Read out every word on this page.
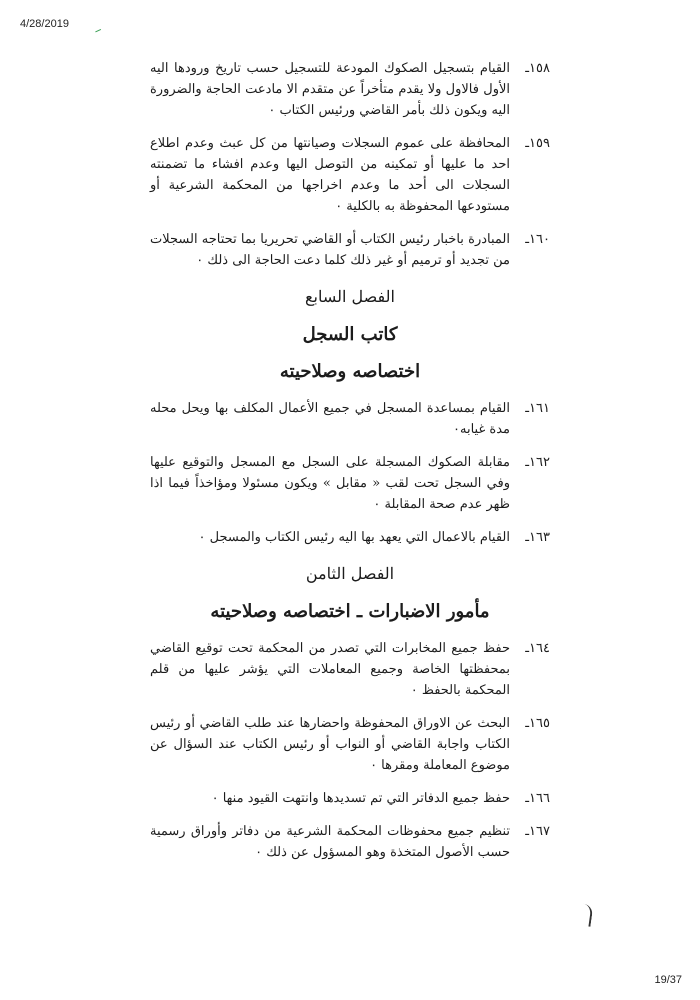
4/28/2019
١٥٨ـ
القيام بتسجيل الصكوك المودعة للتسجيل حسب تاريخ ورودها اليه الأول فالاول ولا يقدم متأخراً عن متقدم الا مادعت الحاجة والضرورة اليه ويكون ذلك بأمر القاضي ورئيس الكتاب ٠
١٥٩ـ
المحافظة على عموم السجلات وصيانتها من كل عبث وعدم اطلاع احد ما عليها أو تمكينه من التوصل اليها وعدم افشاء ما تضمنته السجلات الى أحد ما وعدم اخراجها من المحكمة الشرعية أو مستودعها المحفوظة به بالكلية ٠
١٦٠ـ
المبادرة باخبار رئيس الكتاب أو القاضي تحريريا بما تحتاجه السجلات من تجديد أو ترميم أو غير ذلك كلما دعت الحاجة الى ذلك ٠
الفصل السابع
كاتب السجل
اختصاصه وصلاحيته
١٦١ـ
القيام بمساعدة المسجل في جميع الأعمال المكلف بها ويحل محله مدة غيابه٠
١٦٢ـ
مقابلة الصكوك المسجلة على السجل مع المسجل والتوقيع عليها وفي السجل تحت لقب « مقابل » ويكون مسئولا ومؤاخذاً فيما اذا ظهر عدم صحة المقابلة ٠
١٦٣ـ
القيام بالاعمال التي يعهد بها اليه رئيس الكتاب والمسجل ٠
الفصل الثامن
مأمور الاضبارات ـ اختصاصه وصلاحيته
١٦٤ـ
حفظ جميع المخابرات التي تصدر من المحكمة تحت توقيع القاضي بمحفظتها الخاصة وجميع المعاملات التي يؤشر عليها من قلم المحكمة بالحفظ ٠
١٦٥ـ
البحث عن الاوراق المحفوظة واحضارها عند طلب القاضي أو رئيس الكتاب واجابة القاضي أو النواب أو رئيس الكتاب عند السؤال عن موضوع المعاملة ومقرها ٠
١٦٦ـ
حفظ جميع الدفاتر التي تم تسديدها وانتهت القيود منها ٠
١٦٧ـ
تنظيم جميع محفوظات المحكمة الشرعية من دفاتر وأوراق رسمية حسب الأصول المتخذة وهو المسؤول عن ذلك ٠
19/37
